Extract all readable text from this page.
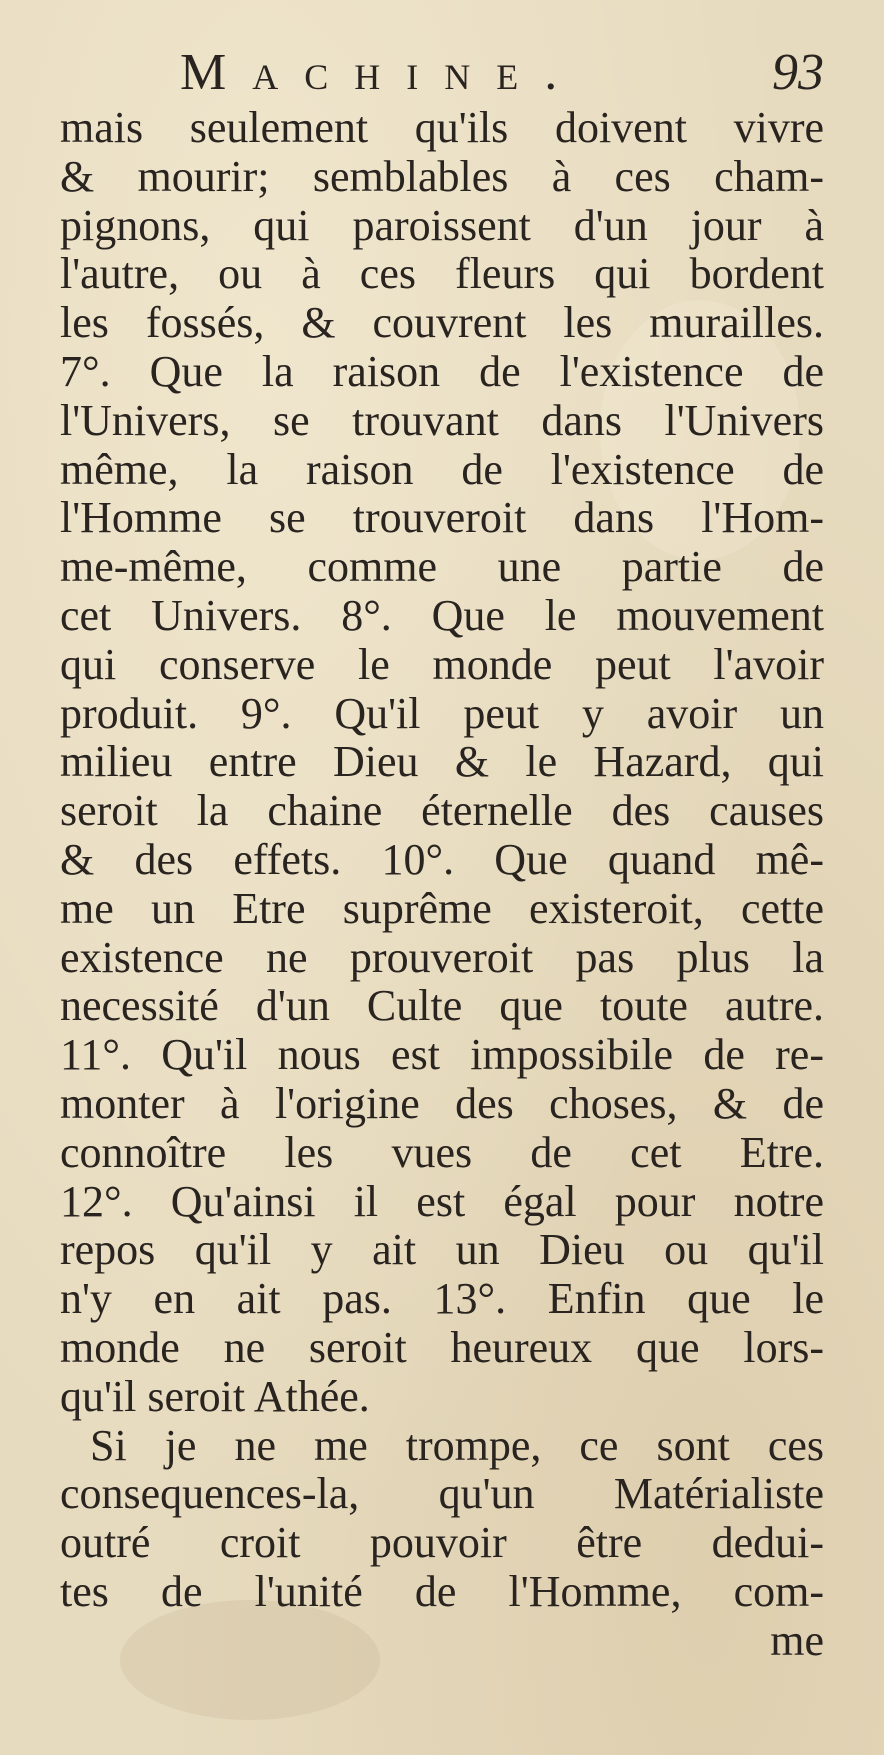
Machine.	93
mais seulement qu'ils doivent vivre
& mourir; semblables à ces cham-
pignons, qui paroissent d'un jour à
l'autre, ou à ces fleurs qui bordent
les fossés, & couvrent les murailles.
7°. Que la raison de l'existence de
l'Univers, se trouvant dans l'Univers
même, la raison de l'existence de
l'Homme se trouveroit dans l'Hom-
me-même, comme une partie de
cet Univers. 8°. Que le mouvement
qui conserve le monde peut l'avoir
produit. 9°. Qu'il peut y avoir un
milieu entre Dieu & le Hazard, qui
seroit la chaine éternelle des causes
& des effets. 10°. Que quand mê-
me un Etre suprême existeroit, cette
existence ne prouveroit pas plus la
necessité d'un Culte que toute autre.
11°. Qu'il nous est impossibile de re-
monter à l'origine des choses, & de
connoître les vues de cet Etre.
12°. Qu'ainsi il est égal pour notre
repos qu'il y ait un Dieu ou qu'il
n'y en ait pas. 13°. Enfin que le
monde ne seroit heureux que lors-
qu'il seroit Athée.
Si je ne me trompe, ce sont ces
consequences-la, qu'un Matérialiste
outré croit pouvoir être dedui-
tes de l'unité de l'Homme, com-
me
